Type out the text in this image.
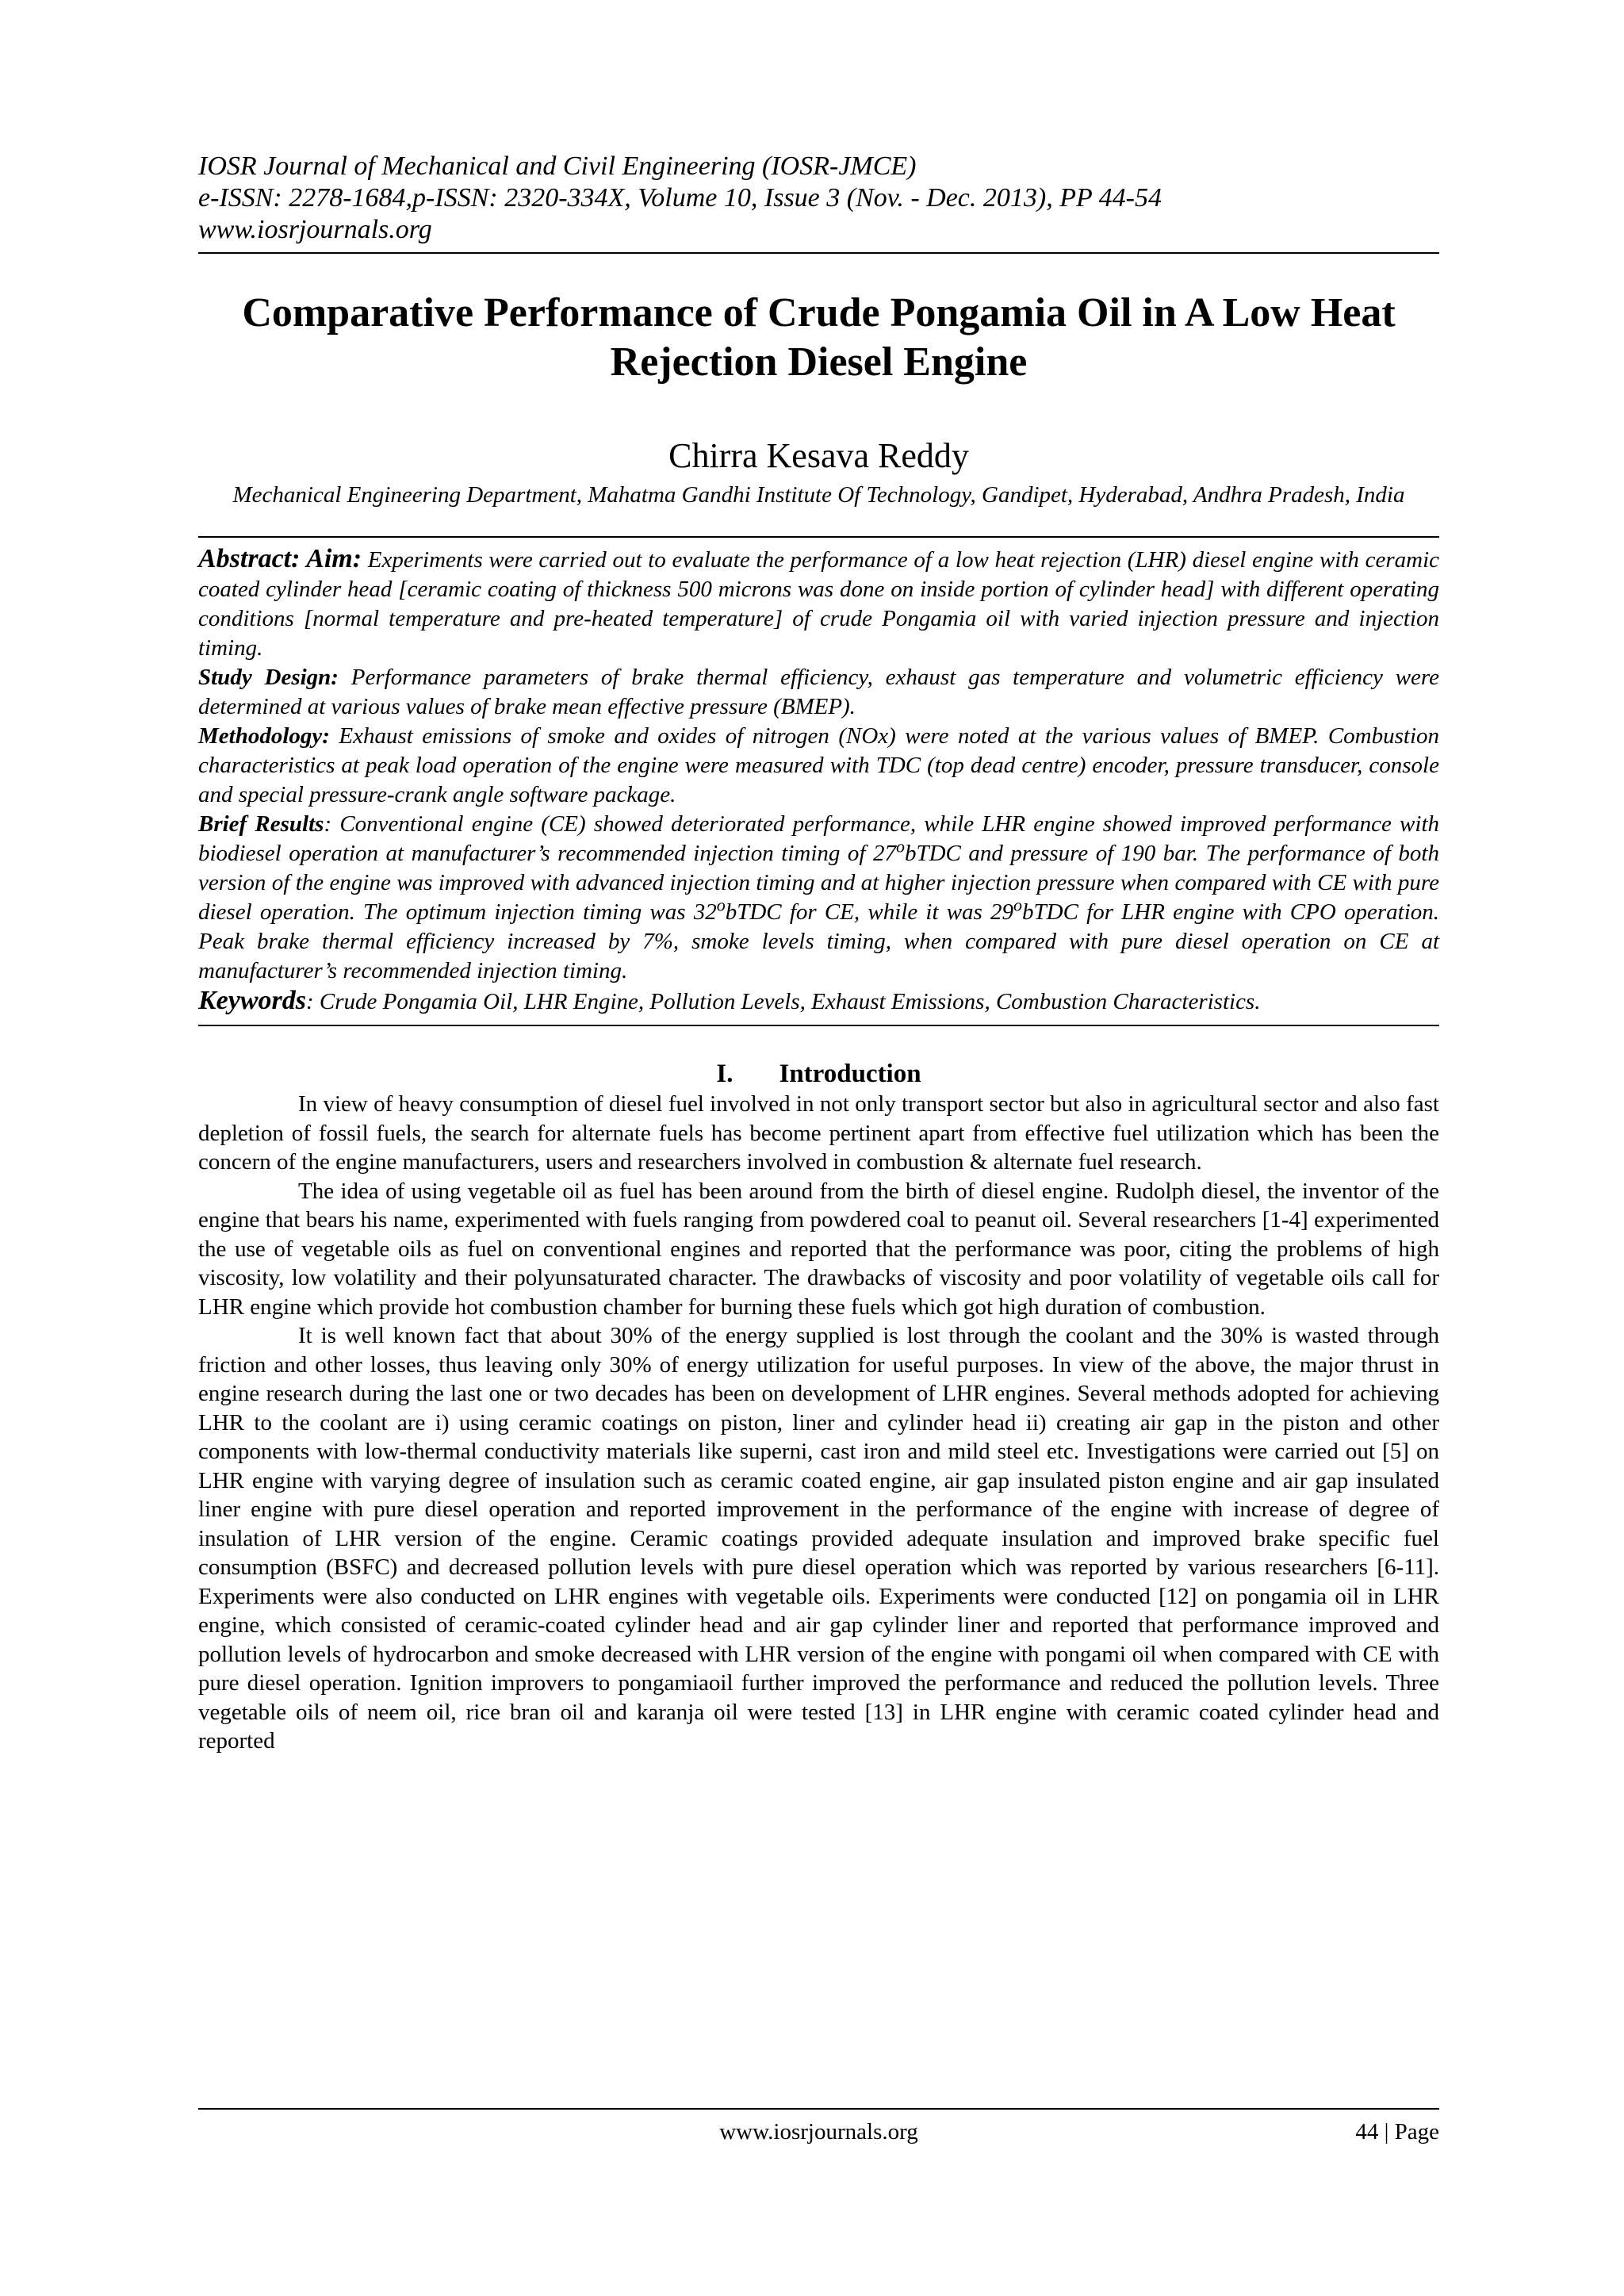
IOSR Journal of Mechanical and Civil Engineering (IOSR-JMCE)
e-ISSN: 2278-1684,p-ISSN: 2320-334X, Volume 10, Issue 3 (Nov. - Dec. 2013), PP 44-54
www.iosrjournals.org
Comparative Performance of Crude Pongamia Oil in A Low Heat Rejection Diesel Engine
Chirra Kesava Reddy
Mechanical Engineering Department, Mahatma Gandhi Institute Of Technology, Gandipet, Hyderabad, Andhra Pradesh, India

Abstract: Aim: Experiments were carried out to evaluate the performance of a low heat rejection (LHR) diesel engine with ceramic coated cylinder head [ceramic coating of thickness 500 microns was done on inside portion of cylinder head] with different operating conditions [normal temperature and pre-heated temperature] of crude Pongamia oil with varied injection pressure and injection timing.

Study Design: Performance parameters of brake thermal efficiency, exhaust gas temperature and volumetric efficiency were determined at various values of brake mean effective pressure (BMEP).

Methodology: Exhaust emissions of smoke and oxides of nitrogen (NOx) were noted at the various values of BMEP. Combustion characteristics at peak load operation of the engine were measured with TDC (top dead centre) encoder, pressure transducer, console and special pressure-crank angle software package.

Brief Results: Conventional engine (CE) showed deteriorated performance, while LHR engine showed improved performance with biodiesel operation at manufacturer’s recommended injection timing of 27$^o$bTDC and pressure of 190 bar. The performance of both version of the engine was improved with advanced injection timing and at higher injection pressure when compared with CE with pure diesel operation. The optimum injection timing was 32$^o$bTDC for CE, while it was 29$^o$bTDC for LHR engine with CPO operation. Peak brake thermal efficiency increased by 7%, smoke levels timing, when compared with pure diesel operation on CE at manufacturer’s recommended injection timing.

Keywords: Crude Pongamia Oil, LHR Engine, Pollution Levels, Exhaust Emissions, Combustion Characteristics.

I. Introduction

In view of heavy consumption of diesel fuel involved in not only transport sector but also in agricultural sector and also fast depletion of fossil fuels, the search for alternate fuels has become pertinent apart from effective fuel utilization which has been the concern of the engine manufacturers, users and researchers involved in combustion & alternate fuel research.

The idea of using vegetable oil as fuel has been around from the birth of diesel engine. Rudolph diesel, the inventor of the engine that bears his name, experimented with fuels ranging from powdered coal to peanut oil. Several researchers [1-4] experimented the use of vegetable oils as fuel on conventional engines and reported that the performance was poor, citing the problems of high viscosity, low volatility and their polyunsaturated character. The drawbacks of viscosity and poor volatility of vegetable oils call for LHR engine which provide hot combustion chamber for burning these fuels which got high duration of combustion.

It is well known fact that about 30% of the energy supplied is lost through the coolant and the 30% is wasted through friction and other losses, thus leaving only 30% of energy utilization for useful purposes. In view of the above, the major thrust in engine research during the last one or two decades has been on development of LHR engines. Several methods adopted for achieving LHR to the coolant are i) using ceramic coatings on piston, liner and cylinder head ii) creating air gap in the piston and other components with low-thermal conductivity materials like superni, cast iron and mild steel etc. Investigations were carried out [5] on LHR engine with varying degree of insulation such as ceramic coated engine, air gap insulated piston engine and air gap insulated liner engine with pure diesel operation and reported improvement in the performance of the engine with increase of degree of insulation of LHR version of the engine. Ceramic coatings provided adequate insulation and improved brake specific fuel consumption (BSFC) and decreased pollution levels with pure diesel operation which was reported by various researchers [6-11]. Experiments were also conducted on LHR engines with vegetable oils. Experiments were conducted [12] on pongamia oil in LHR engine, which consisted of ceramic-coated cylinder head and air gap cylinder liner and reported that performance improved and pollution levels of hydrocarbon and smoke decreased with LHR version of the engine with pongami oil when compared with CE with pure diesel operation. Ignition improvers to pongamiaoil further improved the performance and reduced the pollution levels. Three vegetable oils of neem oil, rice bran oil and karanja oil were tested [13] in LHR engine with ceramic coated cylinder head and reported

www.iosrjournals.org	44 | Page
